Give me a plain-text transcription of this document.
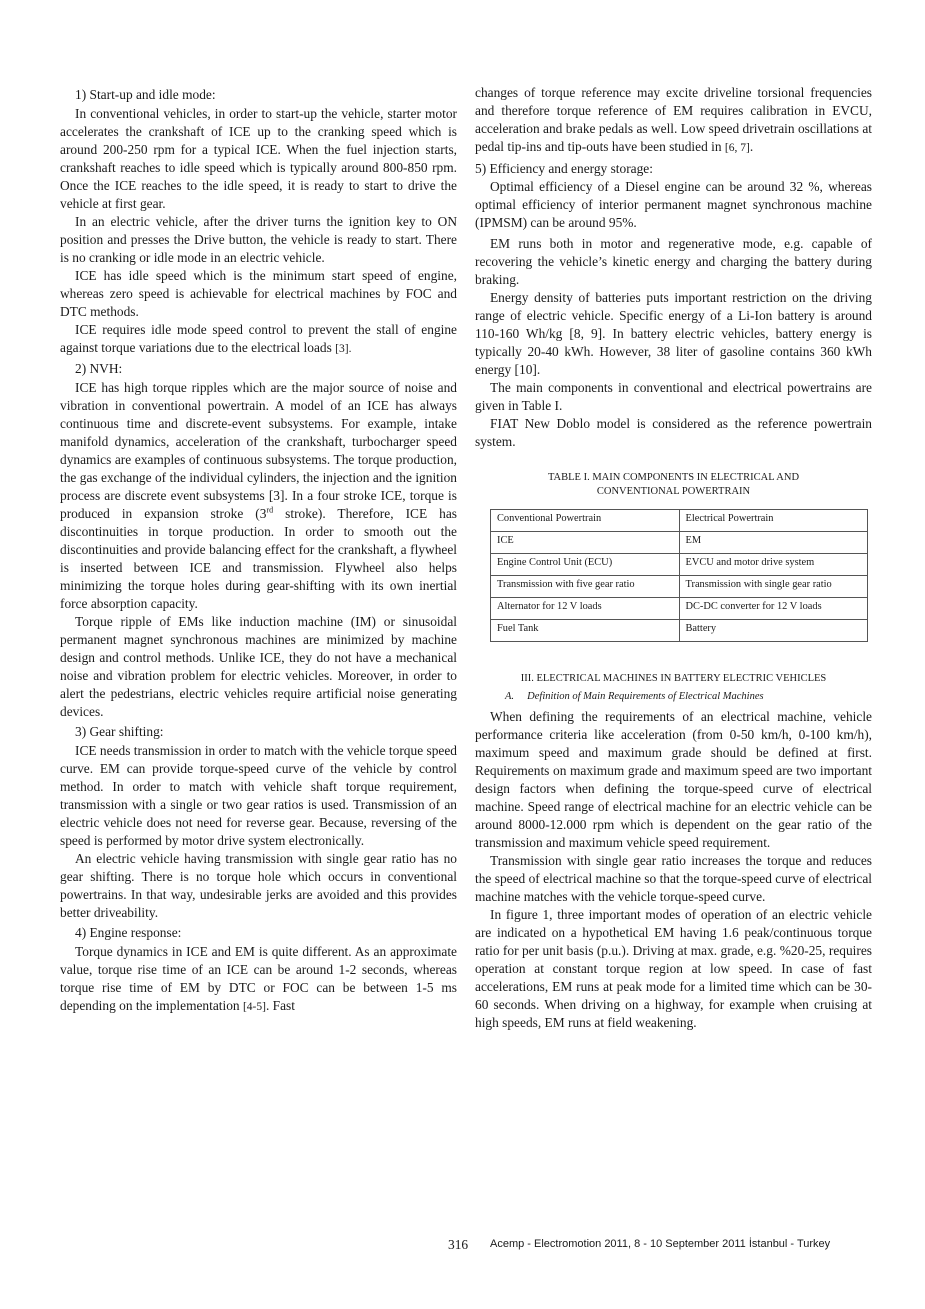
1) Start-up and idle mode:

In conventional vehicles, in order to start-up the vehicle, starter motor accelerates the crankshaft of ICE up to the cranking speed which is around 200-250 rpm for a typical ICE. When the fuel injection starts, crankshaft reaches to idle speed which is typically around 800-850 rpm. Once the ICE reaches to the idle speed, it is ready to start to drive the vehicle at first gear.

In an electric vehicle, after the driver turns the ignition key to ON position and presses the Drive button, the vehicle is ready to start. There is no cranking or idle mode in an electric vehicle.

ICE has idle speed which is the minimum start speed of engine, whereas zero speed is achievable for electrical machines by FOC and DTC methods.

ICE requires idle mode speed control to prevent the stall of engine against torque variations due to the electrical loads [3].

2) NVH:

ICE has high torque ripples which are the major source of noise and vibration in conventional powertrain. A model of an ICE has always continuous time and discrete-event subsystems. For example, intake manifold dynamics, acceleration of the crankshaft, turbocharger speed dynamics are examples of continuous subsystems. The torque production, the gas exchange of the individual cylinders, the injection and the ignition process are discrete event subsystems [3]. In a four stroke ICE, torque is produced in expansion stroke (3rd stroke). Therefore, ICE has discontinuities in torque production. In order to smooth out the discontinuities and provide balancing effect for the crankshaft, a flywheel is inserted between ICE and transmission. Flywheel also helps minimizing the torque holes during gear-shifting with its own inertial force absorption capacity.

Torque ripple of EMs like induction machine (IM) or sinusoidal permanent magnet synchronous machines are minimized by machine design and control methods. Unlike ICE, they do not have a mechanical noise and vibration problem for electric vehicles. Moreover, in order to alert the pedestrians, electric vehicles require artificial noise generating devices.

3) Gear shifting:

ICE needs transmission in order to match with the vehicle torque speed curve. EM can provide torque-speed curve of the vehicle by control method. In order to match with vehicle shaft torque requirement, transmission with a single or two gear ratios is used. Transmission of an electric vehicle does not need for reverse gear. Because, reversing of the speed is performed by motor drive system electronically.

An electric vehicle having transmission with single gear ratio has no gear shifting. There is no torque hole which occurs in conventional powertrains. In that way, undesirable jerks are avoided and this provides better driveability.

4) Engine response:

Torque dynamics in ICE and EM is quite different. As an approximate value, torque rise time of an ICE can be around 1-2 seconds, whereas torque rise time of EM by DTC or FOC can be between 1-5 ms depending on the implementation [4-5]. Fast

changes of torque reference may excite driveline torsional frequencies and therefore torque reference of EM requires calibration in EVCU, acceleration and brake pedals as well. Low speed drivetrain oscillations at pedal tip-ins and tip-outs have been studied in [6, 7].

5) Efficiency and energy storage:

Optimal efficiency of a Diesel engine can be around 32 %, whereas optimal efficiency of interior permanent magnet synchronous machine (IPMSM) can be around 95%.

EM runs both in motor and regenerative mode, e.g. capable of recovering the vehicle’s kinetic energy and charging the battery during braking.

Energy density of batteries puts important restriction on the driving range of electric vehicle. Specific energy of a Li-Ion battery is around 110-160 Wh/kg [8, 9]. In battery electric vehicles, battery energy is typically 20-40 kWh. However, 38 liter of gasoline contains 360 kWh energy [10].

The main components in conventional and electrical powertrains are given in Table I.

FIAT New Doblo model is considered as the reference powertrain system.

TABLE I. MAIN COMPONENTS IN ELECTRICAL AND
CONVENTIONAL POWERTRAIN
Conventional Powertrain	Electrical Powertrain
ICE	EM
Engine Control Unit (ECU)	EVCU and motor drive system
Transmission with five gear ratio	Transmission with single gear ratio
Alternator for 12 V loads	DC-DC converter for 12 V loads
Fuel Tank	Battery
III. ELECTRICAL MACHINES IN BATTERY ELECTRIC VEHICLES
A. Definition of Main Requirements of Electrical Machines

When defining the requirements of an electrical machine, vehicle performance criteria like acceleration (from 0-50 km/h, 0-100 km/h), maximum speed and maximum grade should be defined at first. Requirements on maximum grade and maximum speed are two important design factors when defining the torque-speed curve of electrical machine. Speed range of electrical machine for an electric vehicle can be around 8000-12.000 rpm which is dependent on the gear ratio of the transmission and maximum vehicle speed requirement.

Transmission with single gear ratio increases the torque and reduces the speed of electrical machine so that the torque-speed curve of electrical machine matches with the vehicle torque-speed curve.

In figure 1, three important modes of operation of an electric vehicle are indicated on a hypothetical EM having 1.6 peak/continuous torque ratio for per unit basis (p.u.). Driving at max. grade, e.g. %20-25, requires operation at constant torque region at low speed. In case of fast accelerations, EM runs at peak mode for a limited time which can be 30-60 seconds. When driving on a highway, for example when cruising at high speeds, EM runs at field weakening.

316 Acemp - Electromotion 2011, 8 - 10 September 2011 İstanbul - Turkey
